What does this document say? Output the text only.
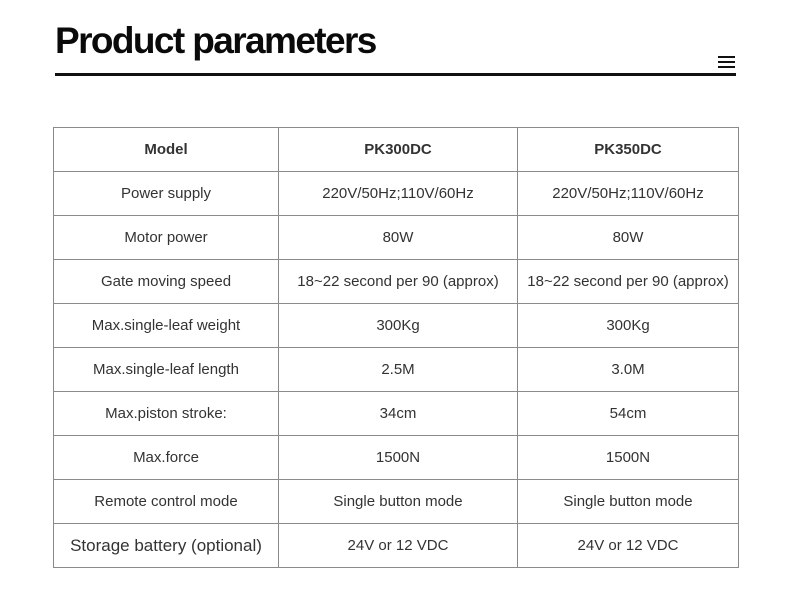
Product parameters
Model	PK300DC	PK350DC
Power supply	220V/50Hz;110V/60Hz	220V/50Hz;110V/60Hz
Motor power	80W	80W
Gate moving speed	18~22 second per 90 (approx)	18~22 second per 90 (approx)
Max.single-leaf weight	300Kg	300Kg
Max.single-leaf length	2.5M	3.0M
Max.piston stroke:	34cm	54cm
Max.force	1500N	1500N
Remote control mode	Single button mode	Single button mode
Storage battery (optional)	24V or 12 VDC	24V or 12 VDC
